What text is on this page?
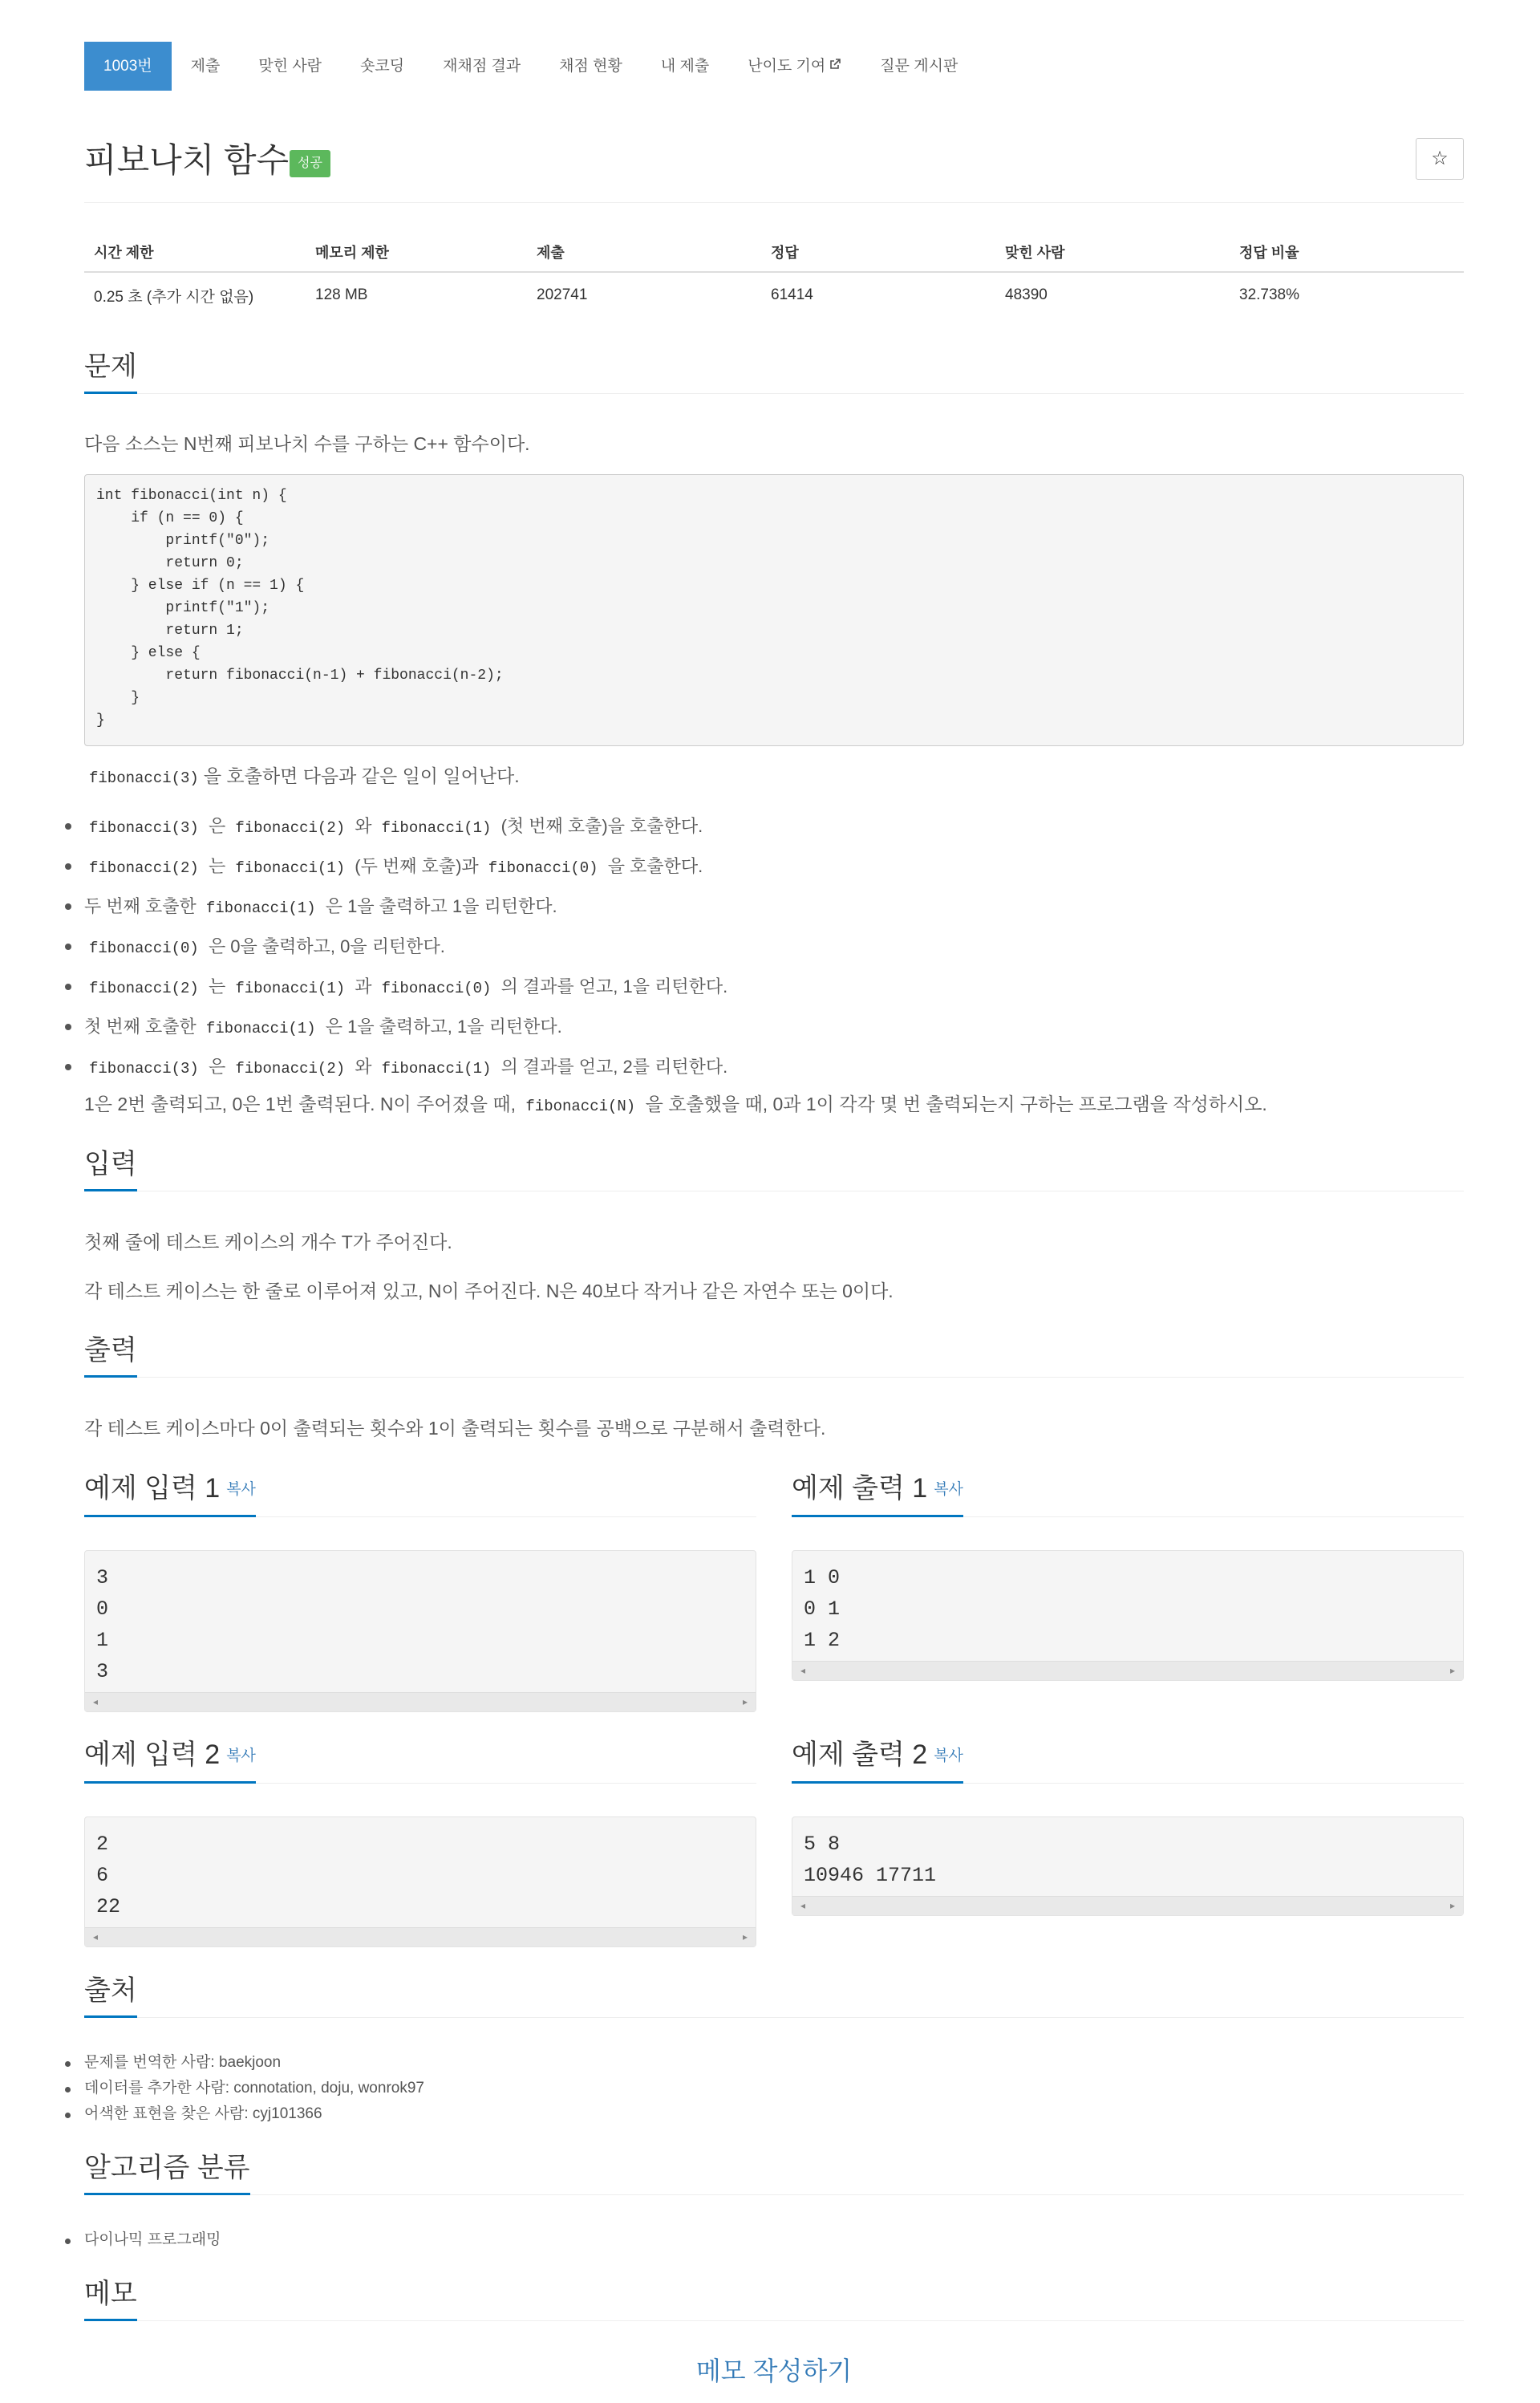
1003번	제출	맞힌 사람	숏코딩	재채점 결과	채점 현황	내 제출	난이도 기여	질문 게시판
피보나치 함수 성공	☆
시간 제한	메모리 제한	제출	정답	맞힌 사람	정답 비율
0.25 초 (추가 시간 없음)	128 MB	202741	61414	48390	32.738%
문제
다음 소스는 N번째 피보나치 수를 구하는 C++ 함수이다.
int fibonacci(int n) {
if (n == 0) {
printf("0");
return 0;
} else if (n == 1) {
printf("1");
return 1;
} else {
return fibonacci(n‐1) + fibonacci(n‐2);
}
}
fibonacci(3) 을 호출하면 다음과 같은 일이 일어난다.
fibonacci(3) 은 fibonacci(2) 와 fibonacci(1) (첫 번째 호출)을 호출한다.
fibonacci(2) 는 fibonacci(1) (두 번째 호출)과 fibonacci(0) 을 호출한다.
두 번째 호출한 fibonacci(1) 은 1을 출력하고 1을 리턴한다.
fibonacci(0) 은 0을 출력하고, 0을 리턴한다.
fibonacci(2) 는 fibonacci(1) 과 fibonacci(0) 의 결과를 얻고, 1을 리턴한다.
첫 번째 호출한 fibonacci(1) 은 1을 출력하고, 1을 리턴한다.
fibonacci(3) 은 fibonacci(2) 와 fibonacci(1) 의 결과를 얻고, 2를 리턴한다.
1은 2번 출력되고, 0은 1번 출력된다. N이 주어졌을 때, fibonacci(N) 을 호출했을 때, 0과 1이 각각 몇 번 출력되는지 구하는 프로그램을 작성하시오.
입력
첫째 줄에 테스트 케이스의 개수 T가 주어진다.
각 테스트 케이스는 한 줄로 이루어져 있고, N이 주어진다. N은 40보다 작거나 같은 자연수 또는 0이다.
출력
각 테스트 케이스마다 0이 출력되는 횟수와 1이 출력되는 횟수를 공백으로 구분해서 출력한다.
예제 입력 1 복사	예제 출력 1 복사
3
0
1
3
◂	▸
1 0
0 1
1 2
◂	▸
예제 입력 2 복사	예제 출력 2 복사
2
6
22
◂	▸
5 8
10946 17711
◂	▸
출처
문제를 번역한 사람: baekjoon
데이터를 추가한 사람: connotation, doju, wonrok97
어색한 표현을 찾은 사람: cyj101366
알고리즘 분류
다이나믹 프로그래밍
메모
메모 작성하기
